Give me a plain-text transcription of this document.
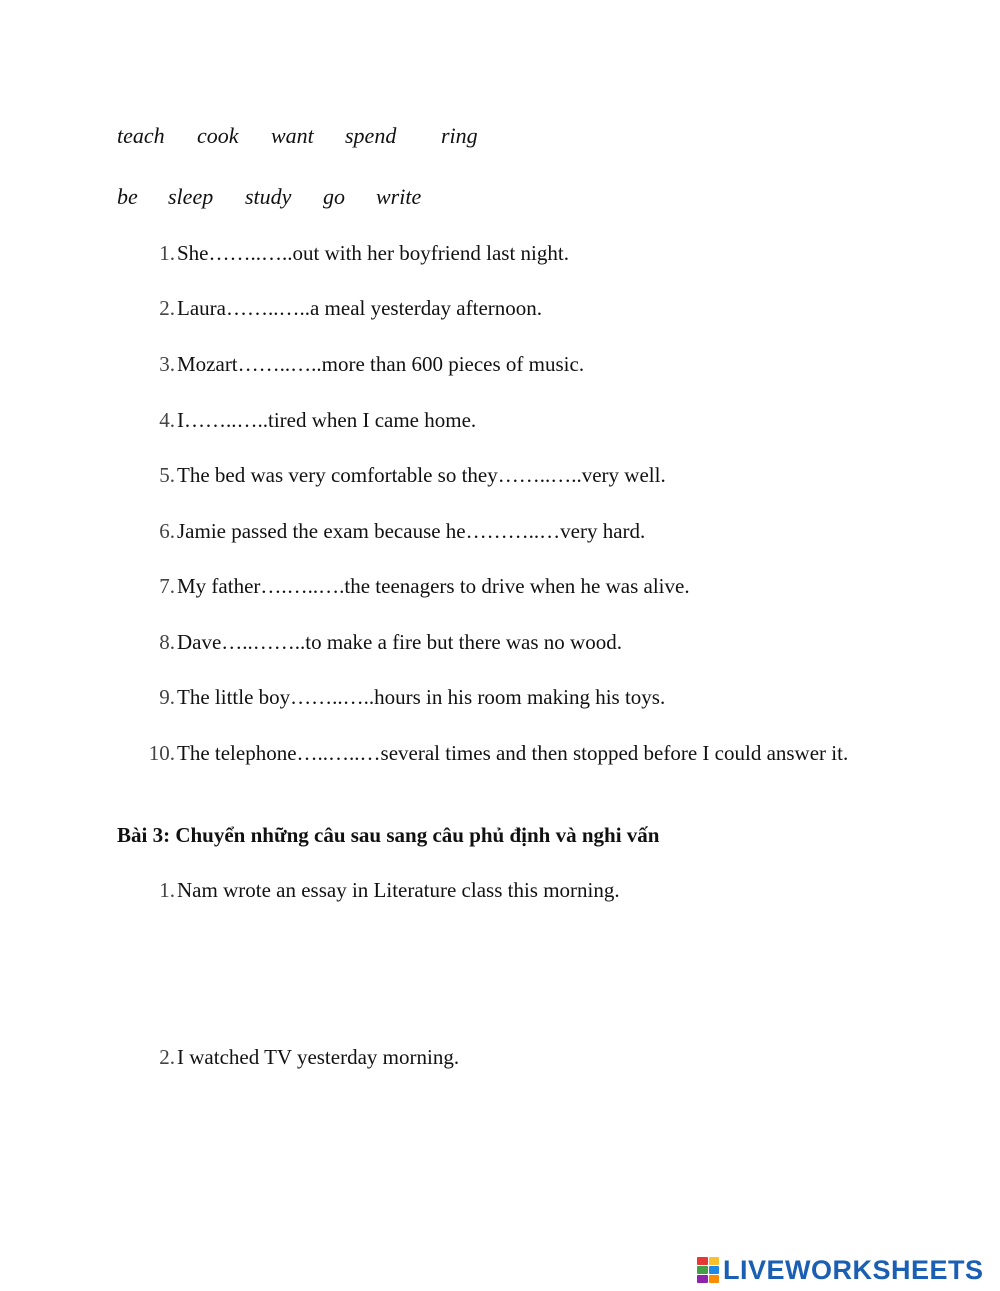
teach cook want spend ring
be sleep study go write
1. She……..…..out with her boyfriend last night.
2. Laura……..…..a meal yesterday afternoon.
3. Mozart……..…..more than 600 pieces of music.
4. I……..…..tired when I came home.
5. The bed was very comfortable so they……..…..very well.
6. Jamie passed the exam because he………..…very hard.
7. My father….…..….the teenagers to drive when he was alive.
8. Dave…..……..to make a fire but there was no wood.
9. The little boy……..…..hours in his room making his toys.
10. The telephone…..…..…several times and then stopped before I could answer it.
Bài 3: Chuyển những câu sau sang câu phủ định và nghi vấn
1. Nam wrote an essay in Literature class this morning.
2. I watched TV yesterday morning.
LIVEWORKSHEETS
